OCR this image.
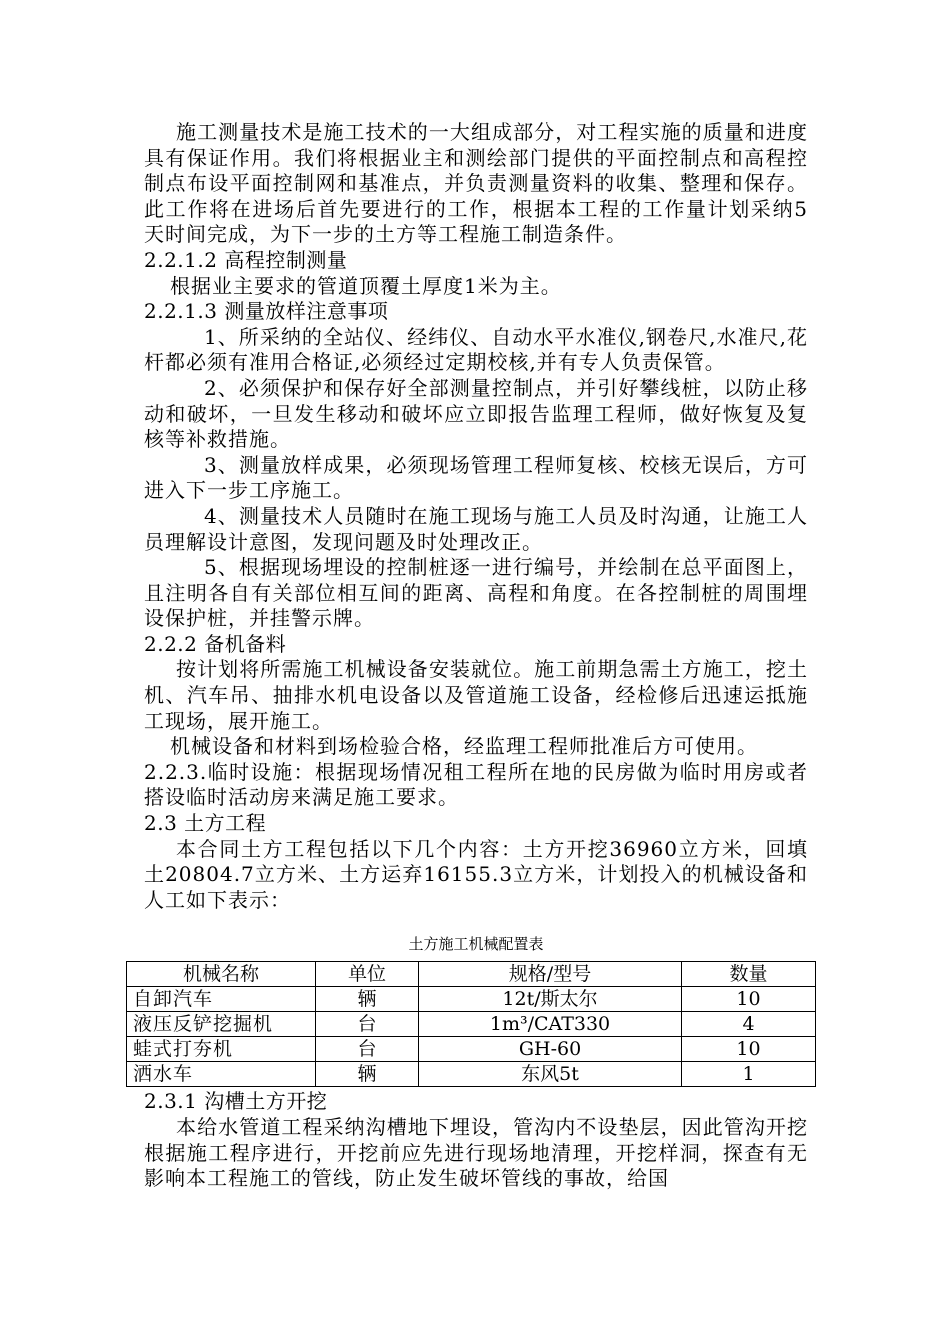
施工测量技术是施工技术的一大组成部分，对工程实施的质量和进度具有保证作用。我们将根据业主和测绘部门提供的平面控制点和高程控制点布设平面控制网和基准点，并负责测量资料的收集、整理和保存。此工作将在进场后首先要进行的工作，根据本工程的工作量计划采纳5天时间完成，为下一步的土方等工程施工制造条件。

2.2.1.2 高程控制测量

根据业主要求的管道顶覆土厚度1米为主。

2.2.1.3 测量放样注意事项

1、所采纳的全站仪、经纬仪、自动水平水准仪,钢卷尺,水准尺,花杆都必须有准用合格证,必须经过定期校核,并有专人负责保管。

2、必须保护和保存好全部测量控制点，并引好攀线桩，以防止移动和破坏，一旦发生移动和破坏应立即报告监理工程师，做好恢复及复核等补救措施。

3、测量放样成果，必须现场管理工程师复核、校核无误后，方可进入下一步工序施工。

4、测量技术人员随时在施工现场与施工人员及时沟通，让施工人员理解设计意图，发现问题及时处理改正。

5、根据现场埋设的控制桩逐一进行编号，并绘制在总平面图上，且注明各自有关部位相互间的距离、高程和角度。在各控制桩的周围埋设保护桩，并挂警示牌。

2.2.2 备机备料

按计划将所需施工机械设备安装就位。施工前期急需土方施工，挖土机、汽车吊、抽排水机电设备以及管道施工设备，经检修后迅速运抵施工现场，展开施工。

机械设备和材料到场检验合格，经监理工程师批准后方可使用。

2.2.3.临时设施：根据现场情况租工程所在地的民房做为临时用房或者搭设临时活动房来满足施工要求。

2.3 土方工程

本合同土方工程包括以下几个内容：土方开挖36960立方米，回填土20804.7立方米、土方运弃16155.3立方米，计划投入的机械设备和人工如下表示：

土方施工机械配置表
机械名称	单位	规格/型号	数量
自卸汽车	辆	12t/斯太尔	10
液压反铲挖掘机	台	1m³/CAT330	4
蛙式打夯机	台	GH-60	10
洒水车	辆	东风5t	1

2.3.1 沟槽土方开挖

本给水管道工程采纳沟槽地下埋设，管沟内不设垫层，因此管沟开挖根据施工程序进行，开挖前应先进行现场地清理，开挖样洞，探查有无影响本工程施工的管线，防止发生破坏管线的事故，给国
